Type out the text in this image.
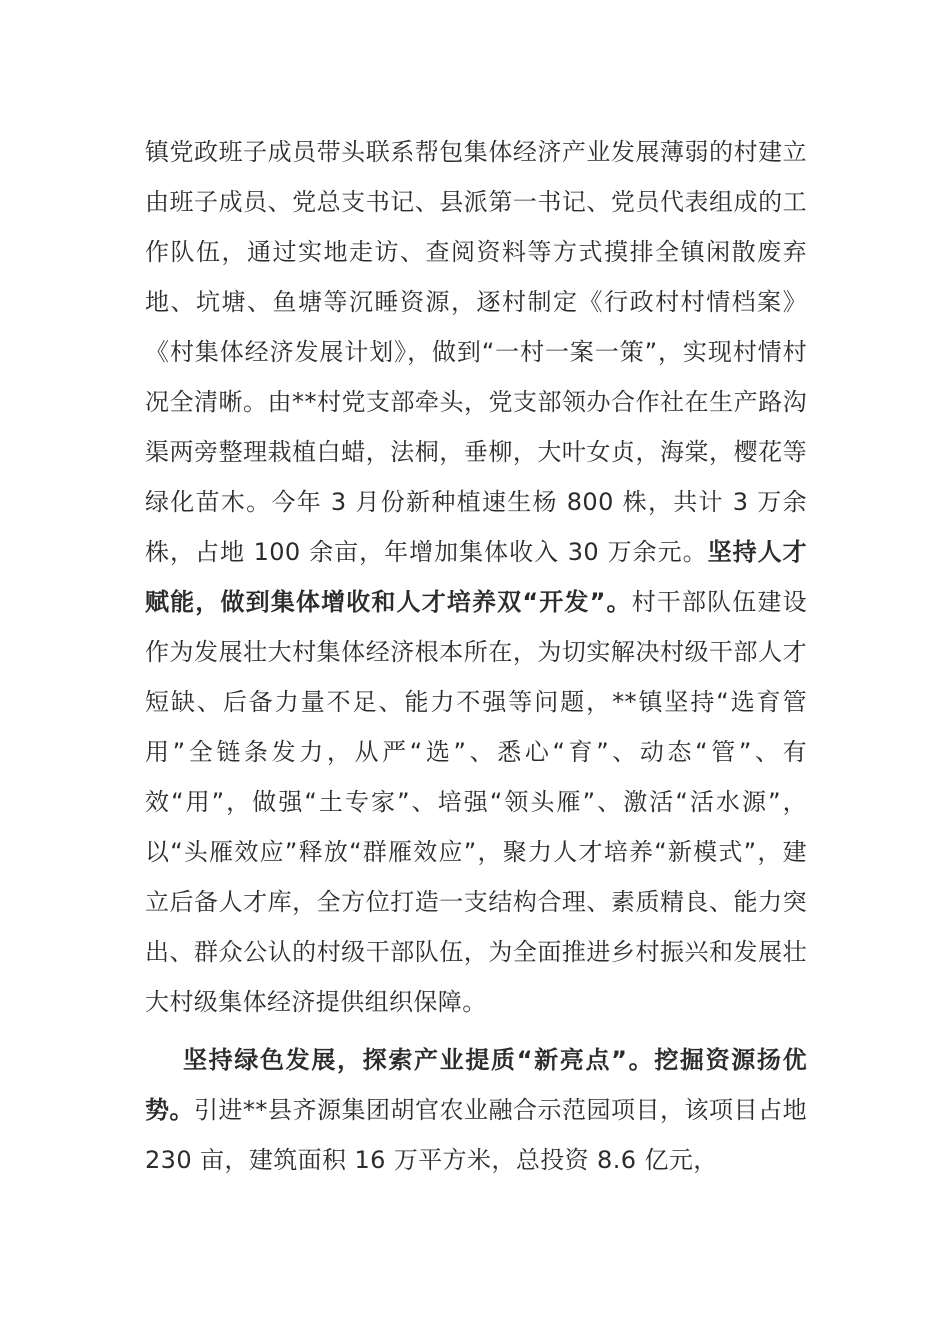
镇党政班子成员带头联系帮包集体经济产业发展薄弱的村建立由班子成员、党总支书记、县派第一书记、党员代表组成的工作队伍，通过实地走访、查阅资料等方式摸排全镇闲散废弃地、坑塘、鱼塘等沉睡资源，逐村制定《行政村村情档案》《村集体经济发展计划》，做到“一村一案一策”，实现村情村况全清晰。由**村党支部牵头，党支部领办合作社在生产路沟渠两旁整理栽植白蜡，法桐，垂柳，大叶女贞，海棠，樱花等绿化苗木。今年 3 月份新种植速生杨 800 株，共计 3 万余株，占地 100 余亩，年增加集体收入 30 万余元。坚持人才赋能，做到集体增收和人才培养双“开发”。村干部队伍建设作为发展壮大村集体经济根本所在，为切实解决村级干部人才短缺、后备力量不足、能力不强等问题，**镇坚持“选育管用”全链条发力，从严“选”、悉心“育”、动态“管”、有效“用”，做强“土专家”、培强“领头雁”、激活“活水源”，以“头雁效应”释放“群雁效应”，聚力人才培养“新模式”，建立后备人才库，全方位打造一支结构合理、素质精良、能力突出、群众公认的村级干部队伍，为全面推进乡村振兴和发展壮大村级集体经济提供组织保障。

坚持绿色发展，探索产业提质“新亮点”。挖掘资源扬优势。引进**县齐源集团胡官农业融合示范园项目，该项目占地 230 亩，建筑面积 16 万平方米，总投资 8.6 亿元，
